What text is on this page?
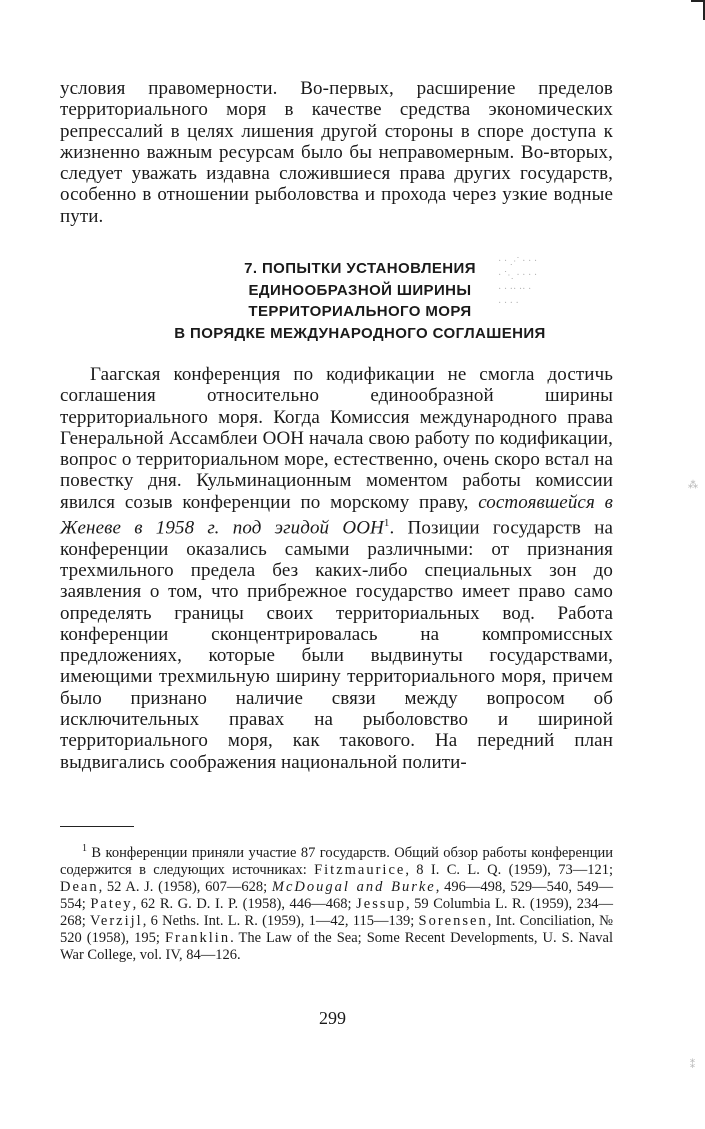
условия правомерности. Во-первых, расширение пределов территориального моря в качестве средства экономических репрессалий в целях лишения другой стороны в споре доступа к жизненно важным ресурсам было бы неправомерным. Во-вторых, следует уважать издавна сложившиеся права других государств, особенно в отношении рыболовства и прохода через узкие водные пути.

7. ПОПЫТКИ УСТАНОВЛЕНИЯ
ЕДИНООБРАЗНОЙ ШИРИНЫ
ТЕРРИТОРИАЛЬНОГО МОРЯ
В ПОРЯДКЕ МЕЖДУНАРОДНОГО СОГЛАШЕНИЯ

Гаагская конференция по кодификации не смогла достичь соглашения относительно единообразной ширины территориального моря. Когда Комиссия международного права Генеральной Ассамблеи ООН начала свою работу по кодификации, вопрос о территориальном море, естественно, очень скоро встал на повестку дня. Кульминационным моментом работы комиссии явился созыв конференции по морскому праву, состоявшейся в Женеве в 1958 г. под эгидой ООН$^1$. Позиции государств на конференции оказались самыми различными: от признания трехмильного предела без каких-либо специальных зон до заявления о том, что прибрежное государство имеет право само определять границы своих территориальных вод. Работа конференции сконцентрировалась на компромиссных предложениях, которые были выдвинуты государствами, имеющими трехмильную ширину территориального моря, причем было признано наличие связи между вопросом об исключительных правах на рыболовство и шириной территориального моря, как такового. На передний план выдвигались соображения национальной полити-

$^1$ В конференции приняли участие 87 государств. Общий обзор работы конференции содержится в следующих источниках: Fitzmaurice, 8 I. C. L. Q. (1959), 73—121; Dean, 52 A. J. (1958), 607—628; McDougal and Burke, 496—498, 529—540, 549—554; Patey, 62 R. G. D. I. P. (1958), 446—468; Jessup, 59 Columbia L. R. (1959), 234—268; Verzijl, 6 Neths. Int. L. R. (1959), 1—42, 115—139; Sorensen, Int. Conciliation, № 520 (1958), 195; Franklin. The Law of the Sea; Some Recent Developments, U. S. Naval War College, vol. IV, 84—126.

299

· · ⋰ · · ·
· ⋱ · · · ·
· · ·· ·· ·
· · · ·
⁂
⁑
